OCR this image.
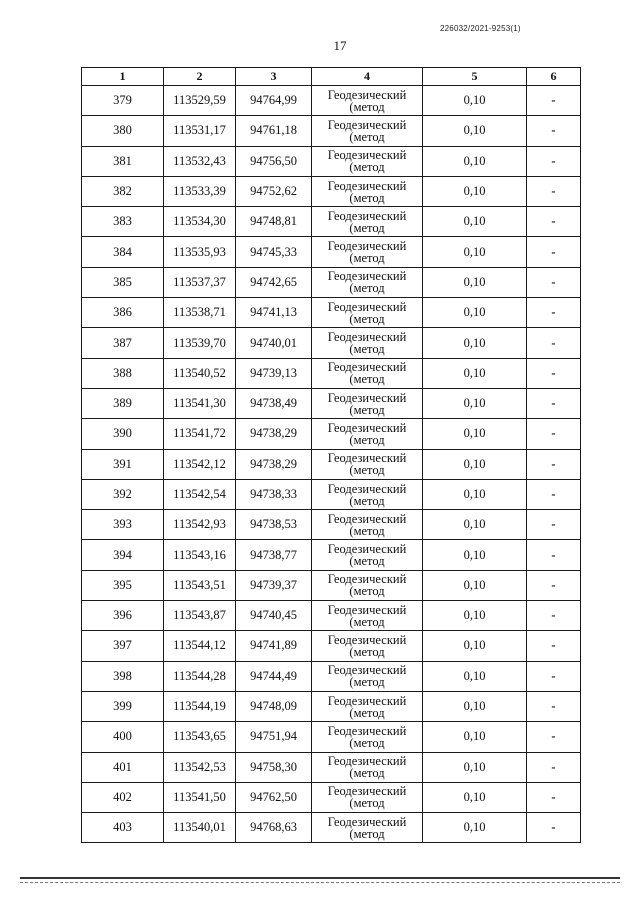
226032/2021-9253(1)
17
1	2	3	4	5	6
379	113529,59	94764,99	Геодезический
(метод	0,10	-
380	113531,17	94761,18	Геодезический
(метод	0,10	-
381	113532,43	94756,50	Геодезический
(метод	0,10	-
382	113533,39	94752,62	Геодезический
(метод	0,10	-
383	113534,30	94748,81	Геодезический
(метод	0,10	-
384	113535,93	94745,33	Геодезический
(метод	0,10	-
385	113537,37	94742,65	Геодезический
(метод	0,10	-
386	113538,71	94741,13	Геодезический
(метод	0,10	-
387	113539,70	94740,01	Геодезический
(метод	0,10	-
388	113540,52	94739,13	Геодезический
(метод	0,10	-
389	113541,30	94738,49	Геодезический
(метод	0,10	-
390	113541,72	94738,29	Геодезический
(метод	0,10	-
391	113542,12	94738,29	Геодезический
(метод	0,10	-
392	113542,54	94738,33	Геодезический
(метод	0,10	-
393	113542,93	94738,53	Геодезический
(метод	0,10	-
394	113543,16	94738,77	Геодезический
(метод	0,10	-
395	113543,51	94739,37	Геодезический
(метод	0,10	-
396	113543,87	94740,45	Геодезический
(метод	0,10	-
397	113544,12	94741,89	Геодезический
(метод	0,10	-
398	113544,28	94744,49	Геодезический
(метод	0,10	-
399	113544,19	94748,09	Геодезический
(метод	0,10	-
400	113543,65	94751,94	Геодезический
(метод	0,10	-
401	113542,53	94758,30	Геодезический
(метод	0,10	-
402	113541,50	94762,50	Геодезический
(метод	0,10	-
403	113540,01	94768,63	Геодезический
(метод	0,10	-
